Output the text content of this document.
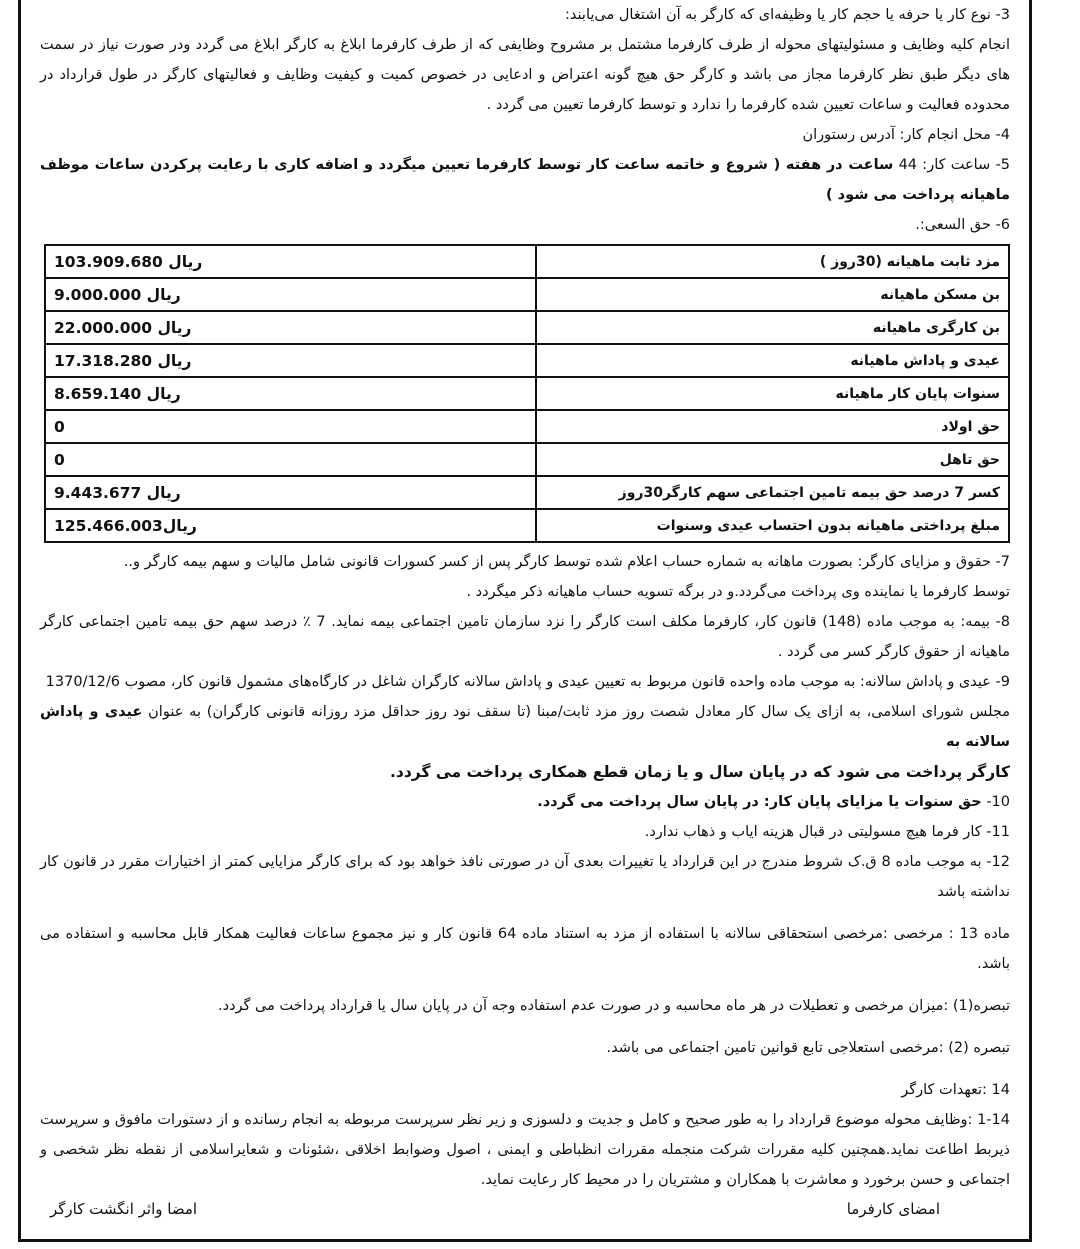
3- نوع کار یا حرفه یا حجم کار یا وظیفه‌ای که کارگر به آن اشتغال می‌یابند:

انجام کلیه وظایف و مسئولیتهای محوله از طرف کارفرما مشتمل بر مشروح وظایفی که از طرف کارفرما ابلاغ به کارگر ابلاغ می گردد ودر صورت نیاز در سمت های دیگر طبق نظر کارفرما مجاز می باشد و کارگر حق هیچ گونه اعتراض و ادعایی در خصوص کمیت و کیفیت وظایف و فعالیتهای کارگر در طول قرارداد در محدوده فعالیت و ساعات تعیین شده کارفرما را ندارد و توسط کارفرما تعیین می گردد .

4- محل انجام کار: آدرس رستوران

5- ساعت کار: 44 ساعت در هفته ( شروع و خاتمه ساعت کار توسط کارفرما تعیین میگردد و اضافه کاری با رعایت پرکردن ساعات موظف ماهیانه پرداخت می شود )

6- حق السعی:.

مزد ثابت ماهیانه (30روز )	103.909.680 ریال
بن مسکن ماهیانه	9.000.000 ریال
بن کارگری ماهیانه	22.000.000 ریال
عیدی و پاداش ماهیانه	17.318.280 ریال
سنوات پایان کار ماهیانه	8.659.140 ریال
حق اولاد	0
حق تاهل	0
کسر 7 درصد حق بیمه تامین اجتماعی سهم کارگر30روز	9.443.677 ریال
مبلغ پرداختی ماهیانه بدون احتساب عیدی وسنوات	125.466.003ریال

7- حقوق و مزایای کارگر: بصورت ماهانه به شماره حساب اعلام شده توسط کارگر پس از کسر کسورات قانونی شامل مالیات و سهم بیمه کارگر و..

توسط کارفرما یا نماینده وی پرداخت می‌گردد.و در برگه تسویه حساب ماهیانه ذکر میگردد .

8- بیمه: به موجب ماده (148) قانون کار، کارفرما مکلف است کارگر را نزد سازمان تامین اجتماعی بیمه نماید. 7 ٪ درصد سهم حق بیمه تامین اجتماعی کارگر ماهیانه از حقوق کارگر کسر می گردد .

9- عیدی و پاداش سالانه: به موجب ماده واحده قانون مربوط به تعیین عیدی و پاداش سالانه کارگران شاغل در کارگاه‌های مشمول قانون کار، مصوب 1370/12/6

مجلس شورای اسلامی، به ازای یک سال کار معادل شصت روز مزد ثابت/مبنا (تا سقف نود روز حداقل مزد روزانه قانونی کارگران) به عنوان عیدی و پاداش سالانه به

کارگر پرداخت می شود که در پایان سال و یا زمان قطع همکاری پرداخت می گردد.

10- حق سنوات یا مزایای پایان کار: در پایان سال پرداخت می گردد.

11- کار فرما هیچ مسولیتی در قبال هزینه ایاب و ذهاب ندارد.

12- به موجب ماده 8 ق.ک شروط مندرج در این قرارداد یا تغییرات بعدی آن در صورتی نافذ خواهد بود که برای کارگر مزایایی کمتر از اختیارات مقرر در قانون کار نداشته باشد

ماده 13 : مرخصی :مرخصی استحقاقی سالانه با استفاده از مزد به استناد ماده 64 قانون کار و نیز مجموع ساعات فعالیت همکار قابل محاسبه و استفاده می باشد.

تبصره(1) :میزان مرخصی و تعطیلات در هر ماه محاسبه و در صورت عدم استفاده وجه آن در پایان سال یا قرارداد پرداخت می گردد.

تبصره (2) :مرخصی استعلاجی تابع قوانین تامین اجتماعی می باشد.

14 :تعهدات کارگر

1-14 :وظایف محوله موضوع قرارداد را به طور صحیح و کامل و جدیت و دلسوزی و زیر نظر سرپرست مربوطه به انجام رسانده و از دستورات مافوق و سرپرست ذیربط اطاعت نماید.همچنین کلیه مقررات شرکت منجمله مقررات انظباطی و ایمنی ، اصول وضوابط اخلاقی ،شئونات و شعایراسلامی از نقطه نظر شخصی و اجتماعی و حسن برخورد و معاشرت با همکاران و مشتریان را در محیط کار رعایت نماید.

امضای کارفرما
امضا واثر انگشت کارگر
